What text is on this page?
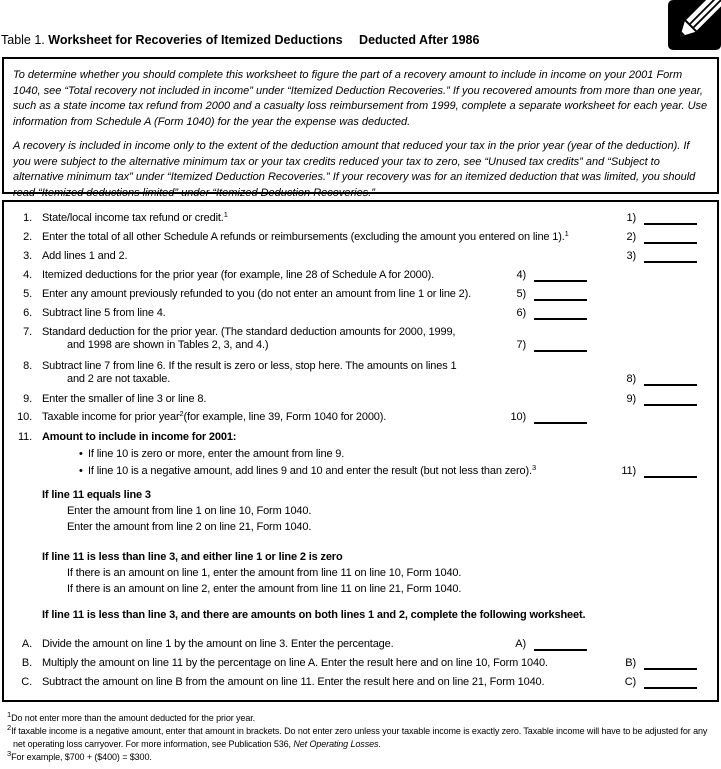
Table 1. Worksheet for Recoveries of Itemized Deductions Deducted After 1986

To determine whether you should complete this worksheet to figure the part of a recovery amount to include in income on your 2001 Form 1040, see “Total recovery not included in income” under “Itemized Deduction Recoveries.” If you recovered amounts from more than one year, such as a state income tax refund from 2000 and a casualty loss reimbursement from 1999, complete a separate worksheet for each year. Use information from Schedule A (Form 1040) for the year the expense was deducted.

A recovery is included in income only to the extent of the deduction amount that reduced your tax in the prior year (year of the deduction). If you were subject to the alternative minimum tax or your tax credits reduced your tax to zero, see “Unused tax credits” and “Subject to alternative minimum tax” under “Itemized Deduction Recoveries.” If your recovery was for an itemized deduction that was limited, you should read “Itemized deductions limited” under “Itemized Deduction Recoveries.”

1. State/local income tax refund or credit.$^1$	1)
2. Enter the total of all other Schedule A refunds or reimbursements (excluding the amount you entered on line 1).$^1$	2)
3. Add lines 1 and 2.	3)
4. Itemized deductions for the prior year (for example, line 28 of Schedule A for 2000).	4)
5. Enter any amount previously refunded to you (do not enter an amount from line 1 or line 2).	5)
6. Subtract line 5 from line 4.	6)
7. Standard deduction for the prior year. (The standard deduction amounts for 2000, 1999,
and 1998 are shown in Tables 2, 3, and 4.)	7)
8. Subtract line 7 from line 6. If the result is zero or less, stop here. The amounts on lines 1
and 2 are not taxable.	8)
9. Enter the smaller of line 3 or line 8.	9)
10. Taxable income for prior year$^2$(for example, line 39, Form 1040 for 2000).	10)
11. Amount to include in income for 2001:
• If line 10 is zero or more, enter the amount from line 9.
• If line 10 is a negative amount, add lines 9 and 10 and enter the result (but not less than zero).$^3$	11)
If line 11 equals line 3
Enter the amount from line 1 on line 10, Form 1040.
Enter the amount from line 2 on line 21, Form 1040.
If line 11 is less than line 3, and either line 1 or line 2 is zero
If there is an amount on line 1, enter the amount from line 11 on line 10, Form 1040.
If there is an amount on line 2, enter the amount from line 11 on line 21, Form 1040.
If line 11 is less than line 3, and there are amounts on both lines 1 and 2, complete the following worksheet.
A. Divide the amount on line 1 by the amount on line 3. Enter the percentage.	A)
B. Multiply the amount on line 11 by the percentage on line A. Enter the result here and on line 10, Form 1040.	B)
C. Subtract the amount on line B from the amount on line 11. Enter the result here and on line 21, Form 1040.	C)
$^1$Do not enter more than the amount deducted for the prior year.
$^2$If taxable income is a negative amount, enter that amount in brackets. Do not enter zero unless your taxable income is exactly zero. Taxable income will have to be adjusted for any net operating loss carryover. For more information, see Publication 536, Net Operating Losses.
$^3$For example, $700 + ($400) = $300.
